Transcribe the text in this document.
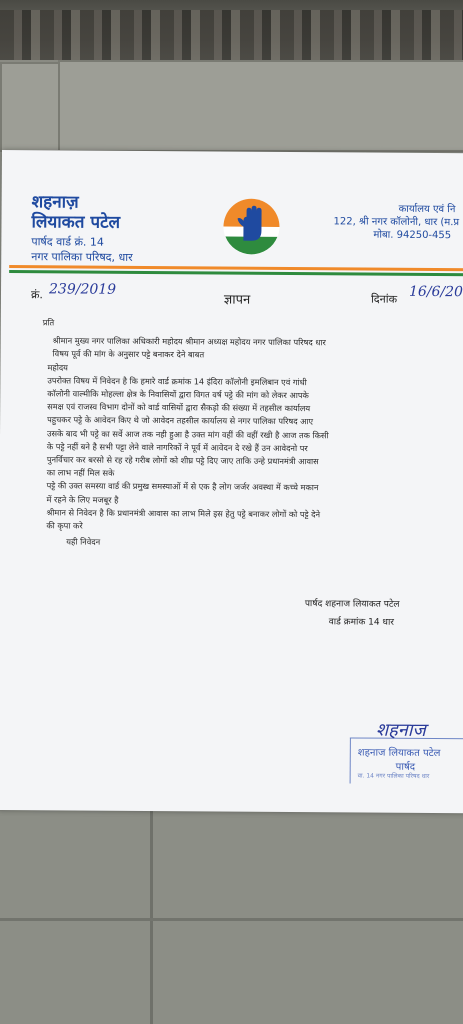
शहनाज़
लियाकत पटेल
पार्षद वार्ड क्रं. 14
नगर पालिका परिषद, धार
कार्यालय एवं नि
122, श्री नगर कॉलोनी, धार (म.प्र
मोबा. 94250-455
क्रं. 239/2019
ज्ञापन	दिनांक 16/6/20
प्रति
श्रीमान मुख्य नगर पालिका अधिकारी महोदय श्रीमान अध्यक्ष महोदय नगर पालिका परिषद धार
विषय पूर्व की मांग के अनुसार पट्टे बनाकर देने बाबत
महोदय
उपरोक्त विषय में निवेदन है कि हमारे वार्ड क्रमांक 14 इंदिरा कॉलोनी इमलिबान एवं गांधी
कॉलोनी वाल्मीकि मोहल्ला क्षेत्र के निवासियों द्वारा विगत वर्ष पट्टे की मांग को लेकर आपके
समक्ष एवं राजस्व विभाग दोनों को वार्ड वासियों द्वारा सैकड़ो की संख्या में तहसील कार्यालय
पहुचकर पट्टे के आवेदन किए थे जो आवेदन तहसील कार्यालय से नगर पालिका परिषद आए
उसके बाद भी पट्टे का सर्वे आज तक नही हुआ है उक्त मांग वहीं की वहीं रखी है आज तक किसी
के पट्टे नहीं बने है सभी पट्टा लेने वाले नागरिकों ने पूर्व में आवेदन दे रखे हैं उन आवेदनो पर
पुनर्विचार कर बरसो से रह रहे गरीब लोगों को शीघ्र पट्टे दिए जाए ताकि उन्हे प्रधानमंत्री आवास
का लाभ नहीं मिल सके
पट्टे की उक्त समस्या वार्ड की प्रमुख समस्याओं में से एक है लोग जर्जर अवस्था में कच्चे मकान
में रहने के लिए मजबूर है
श्रीमान से निवेदन है कि प्रधानमंत्री आवास का लाभ मिले इस हेतु पट्टे बनाकर लोगों को पट्टे देने
की कृपा करे
यही निवेदन
पार्षद शहनाज लियाकत पटेल
वार्ड क्रमांक 14 धार
शहनाज
शहनाज लियाकत पटेल
पार्षद
वा. 14 नगर पालिका परिषद धार
